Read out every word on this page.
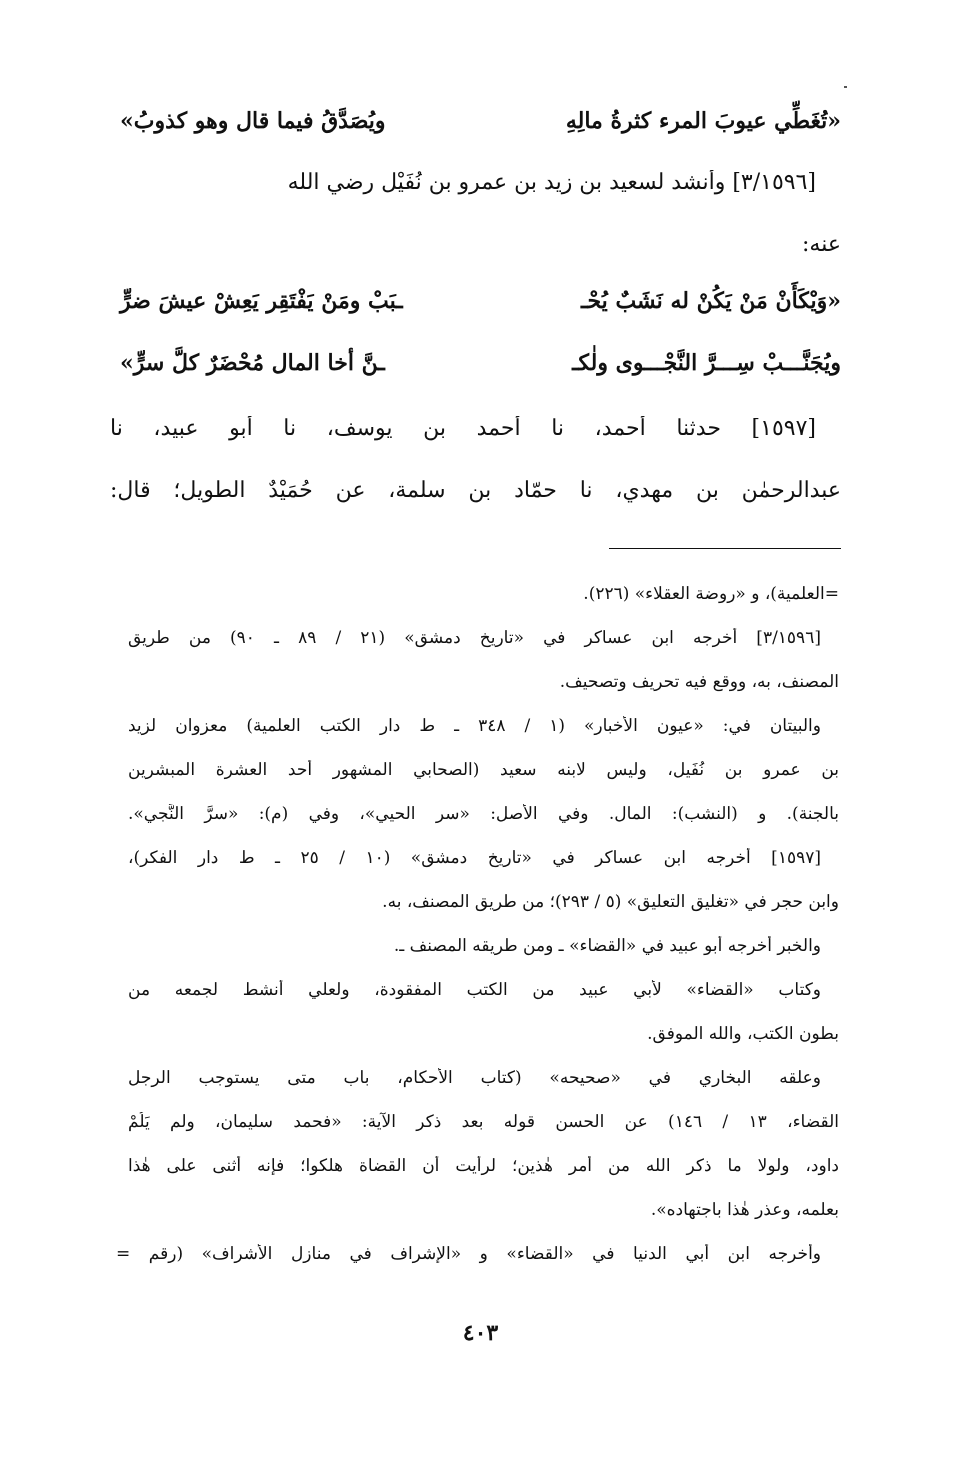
«تُغَطِّي عيوبَ المرء كثرةُ مالِهِ
ويُصَدَّقُ فيما قال وهو كذوبُ»
[٣/١٥٩٦] وأنشد لسعيد بن زيد بن عمرو بن نُفَيْل رضي الله
عنه:
«وَيْكَأَنْ مَنْ يَكُنْ له نَشَبٌ يُحْـ
ـبَبْ ومَنْ يَفْتَقِر يَعِشْ عيشَ ضرٍّ
ويُجَنَّـــبْ سِـــرَّ النَّجْـــوى ولٰكـ
ـنَّ أخا المال مُحْضَرٌ كلَّ سرٍّ»
[١٥٩٧] حدثنا أحمد، نا أحمد بن يوسف، نا أبو عبيد، نا
عبدالرحمٰن بن مهدي، نا حمّاد بن سلمة، عن حُمَيْدٌ الطويل؛ قال:
=العلمية)، و «روضة العقلاء» (٢٢٦).
[٣/١٥٩٦] أخرجه ابن عساكر في «تاريخ دمشق» (٢١ / ٨٩ ـ ٩٠) من طريق
المصنف، به، ووقع فيه تحريف وتصحيف.
والبيتان في: «عيون الأخبار» (١ / ٣٤٨ ـ ط دار الكتب العلمية) معزوان لزيد
بن عمرو بن نُفَيل، وليس لابنه سعيد (الصحابي المشهور أحد العشرة المبشرين
بالجنة). و (النشب): المال. وفي الأصل: «سر الحيي»، وفي (م): «سرَّ النَّجي».
[١٥٩٧] أخرجه ابن عساكر في «تاريخ دمشق» (١٠ / ٢٥ ـ ط دار الفكر)،
وابن حجر في «تغليق التعليق» (٥ / ٢٩٣)؛ من طريق المصنف، به.
والخبر أخرجه أبو عبيد في «القضاء» ـ ومن طريقه المصنف ـ.
وكتاب «القضاء» لأبي عبيد من الكتب المفقودة، ولعلي أنشط لجمعه من
بطون الكتب، والله الموفق.
وعلقه البخاري في «صحيحه» (كتاب الأحكام، باب متى يستوجب الرجل
القضاء، ١٣ / ١٤٦) عن الحسن قوله بعد ذكر الآية: «فحمد سليمان، ولم يَلُمْ
داود، ولولا ما ذكر الله من أمر هٰذين؛ لرأيت أن القضاة هلكوا؛ فإنه أثنى على هٰذا
بعلمه، وعذر هٰذا باجتهاده».
وأخرجه ابن أبي الدنيا في «القضاء» و «الإشراف في منازل الأشراف» (رقم =
٤٠٣
